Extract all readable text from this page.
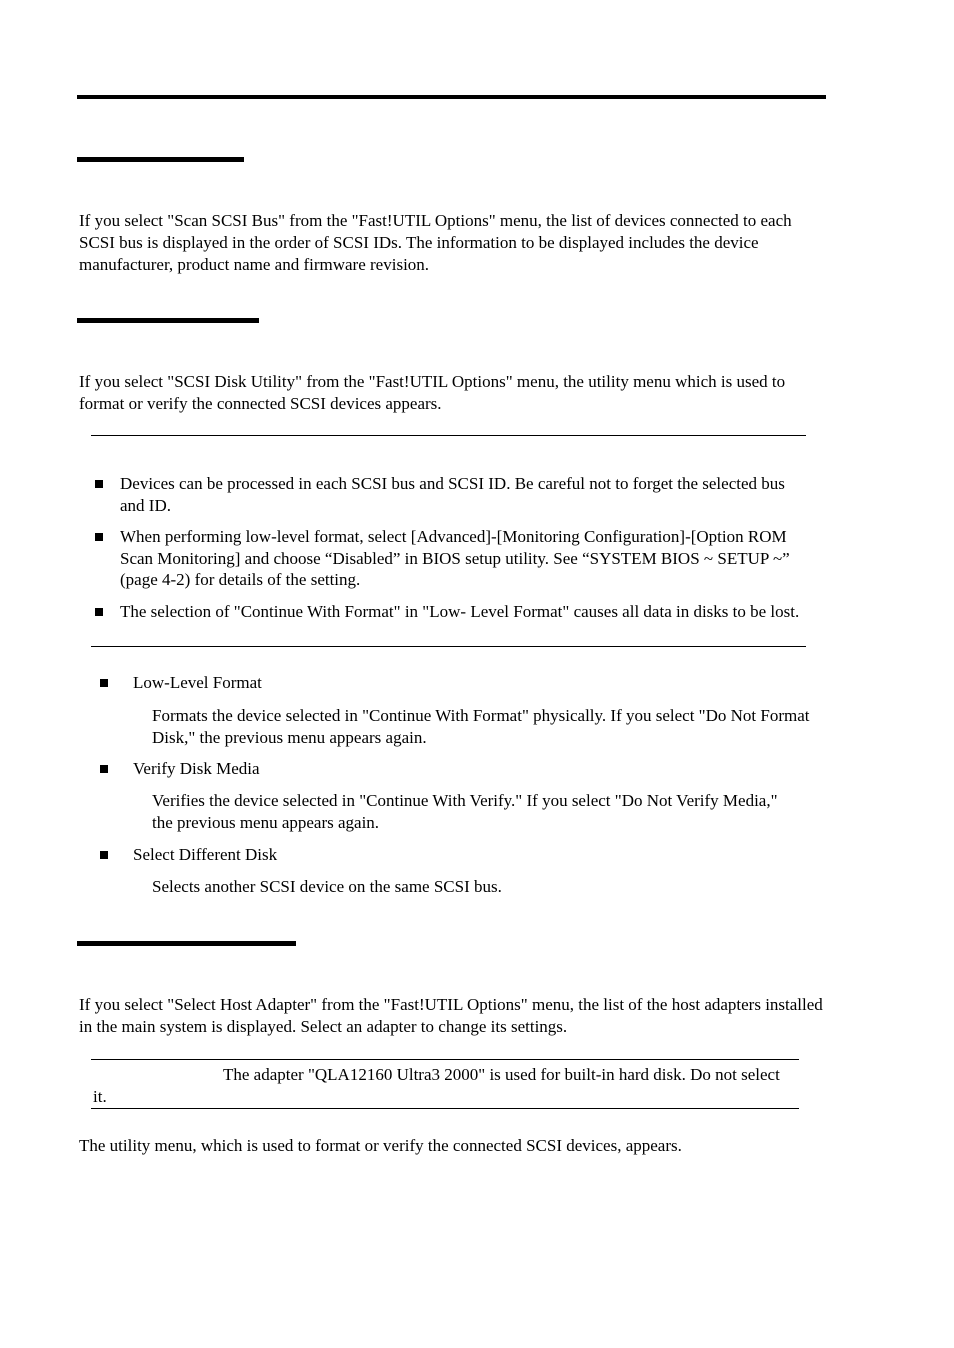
If you select "Scan SCSI Bus" from the "Fast!UTIL Options" menu, the list of devices connected to each SCSI bus is displayed in the order of SCSI IDs. The information to be displayed includes the device manufacturer, product name and firmware revision.
If you select "SCSI Disk Utility" from the "Fast!UTIL Options" menu, the utility menu which is used to format or verify the connected SCSI devices appears.
Devices can be processed in each SCSI bus and SCSI ID. Be careful not to forget the selected bus and ID.
When performing low-level format, select [Advanced]-[Monitoring Configuration]-[Option ROM Scan Monitoring] and choose “Disabled” in BIOS setup utility. See “SYSTEM BIOS ~ SETUP ~” (page 4-2) for details of the setting.
The selection of "Continue With Format" in "Low- Level Format" causes all data in disks to be lost.
Low-Level Format
Formats the device selected in "Continue With Format" physically. If you select "Do Not Format Disk," the previous menu appears again.
Verify Disk Media
Verifies the device selected in "Continue With Verify." If you select "Do Not Verify Media," the previous menu appears again.
Select Different Disk
Selects another SCSI device on the same SCSI bus.
If you select "Select Host Adapter" from the "Fast!UTIL Options" menu, the list of the host adapters installed in the main system is displayed. Select an adapter to change its settings.
The adapter "QLA12160 Ultra3 2000" is used for built-in hard disk. Do not select it.
The utility menu, which is used to format or verify the connected SCSI devices, appears.
